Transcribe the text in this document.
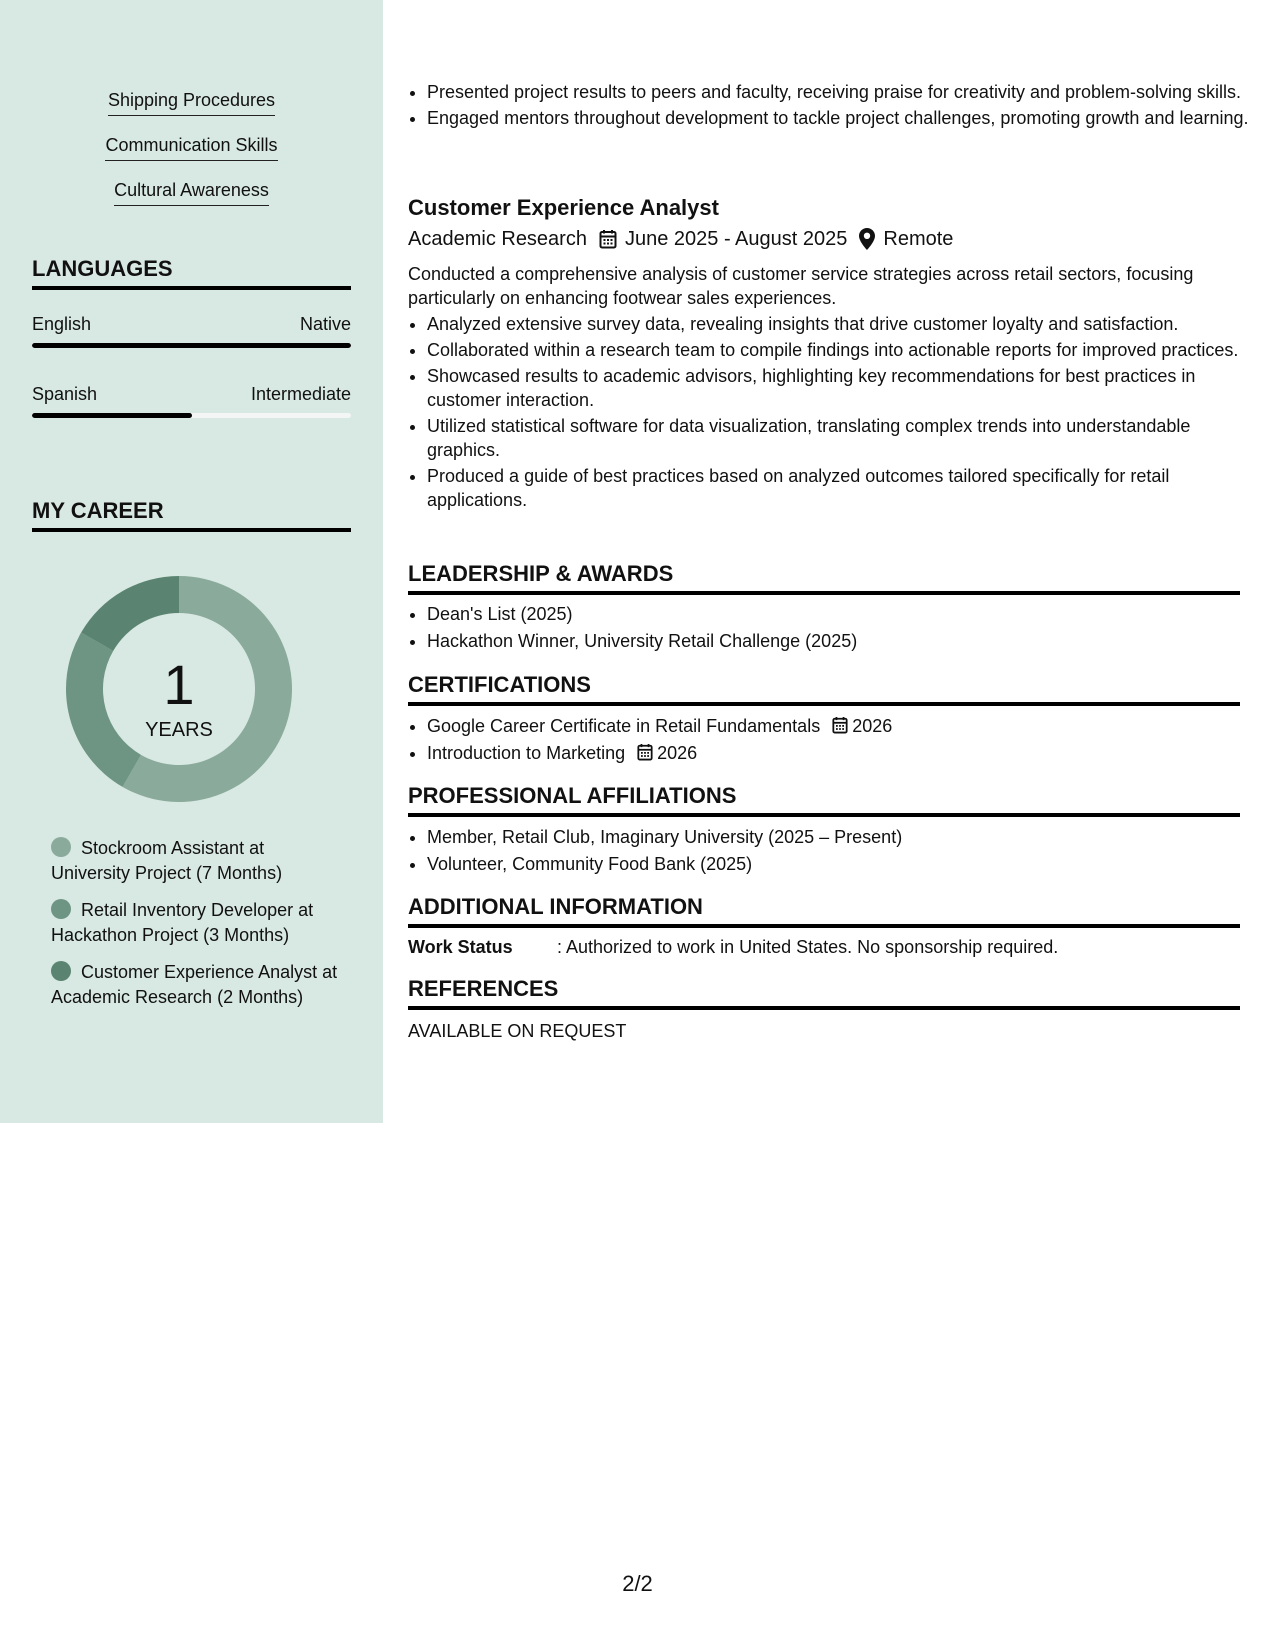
Shipping Procedures
Communication Skills
Cultural Awareness
LANGUAGES
English	Native
Spanish	Intermediate
MY CAREER
1
YEARS
Stockroom Assistant at University Project (7 Months)
Retail Inventory Developer at Hackathon Project (3 Months)
Customer Experience Analyst at Academic Research (2 Months)
• Presented project results to peers and faculty, receiving praise for creativity and problem-solving skills.
• Engaged mentors throughout development to tackle project challenges, promoting growth and learning.
Customer Experience Analyst
Academic Research June 2025 - August 2025 Remote
Conducted a comprehensive analysis of customer service strategies across retail sectors, focusing particularly on enhancing footwear sales experiences.
• Analyzed extensive survey data, revealing insights that drive customer loyalty and satisfaction.
• Collaborated within a research team to compile findings into actionable reports for improved practices.
• Showcased results to academic advisors, highlighting key recommendations for best practices in customer interaction.
• Utilized statistical software for data visualization, translating complex trends into understandable graphics.
• Produced a guide of best practices based on analyzed outcomes tailored specifically for retail applications.
LEADERSHIP & AWARDS
• Dean's List (2025)
• Hackathon Winner, University Retail Challenge (2025)
CERTIFICATIONS
• Google Career Certificate in Retail Fundamentals 2026
• Introduction to Marketing 2026
PROFESSIONAL AFFILIATIONS
• Member, Retail Club, Imaginary University (2025 – Present)
• Volunteer, Community Food Bank (2025)
ADDITIONAL INFORMATION
Work Status	: Authorized to work in United States. No sponsorship required.
REFERENCES
AVAILABLE ON REQUEST
2/2
